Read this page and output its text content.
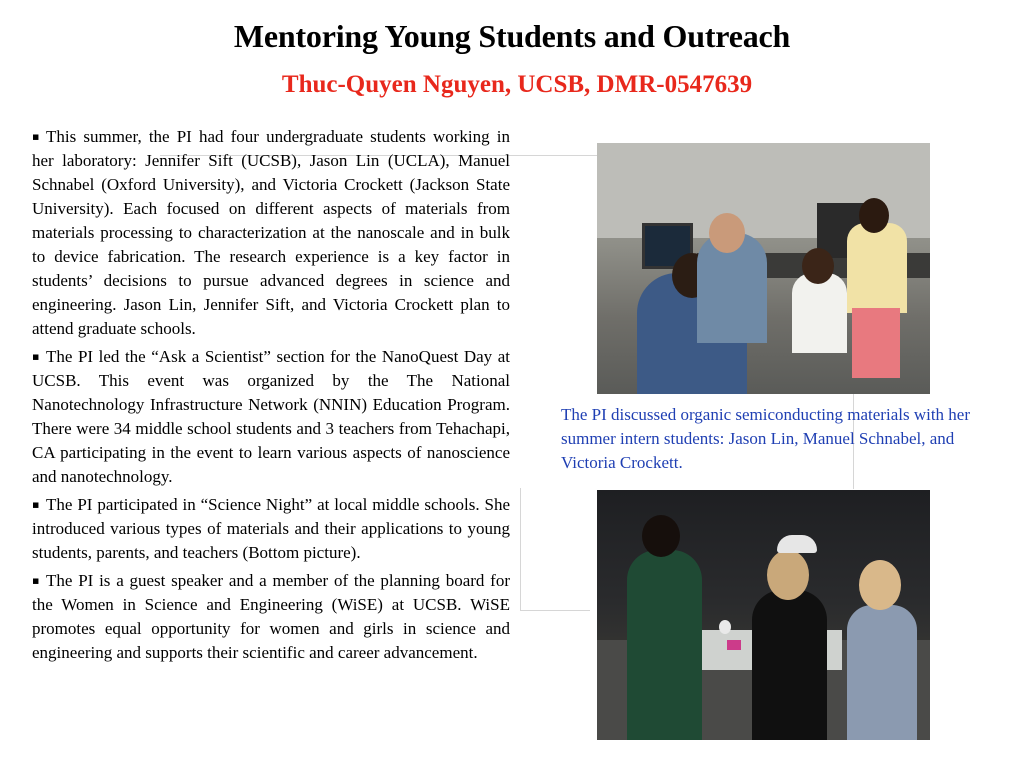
Mentoring Young Students and Outreach
Thuc-Quyen Nguyen, UCSB, DMR-0547639

▪ This summer, the PI had four undergraduate students working in her laboratory: Jennifer Sift (UCSB), Jason Lin (UCLA), Manuel Schnabel (Oxford University), and Victoria Crockett (Jackson State University). Each focused on different aspects of materials from materials processing to characterization at the nanoscale and in bulk to device fabrication. The research experience is a key factor in students’ decisions to pursue advanced degrees in science and engineering. Jason Lin, Jennifer Sift, and Victoria Crockett plan to attend graduate schools.

▪ The PI led the “Ask a Scientist” section for the NanoQuest Day at UCSB. This event was organized by the The National Nanotechnology Infrastructure Network (NNIN) Education Program. There were 34 middle school students and 3 teachers from Tehachapi, CA participating in the event to learn various aspects of nanoscience and nanotechnology.

▪ The PI participated in “Science Night” at local middle schools. She introduced various types of materials and their applications to young students, parents, and teachers (Bottom picture).

▪ The PI is a guest speaker and a member of the planning board for the Women in Science and Engineering (WiSE) at UCSB. WiSE promotes equal opportunity for women and girls in science and engineering and supports their scientific and career advancement.

The PI discussed organic semiconducting materials with her summer intern students: Jason Lin, Manuel Schnabel, and Victoria Crockett.
